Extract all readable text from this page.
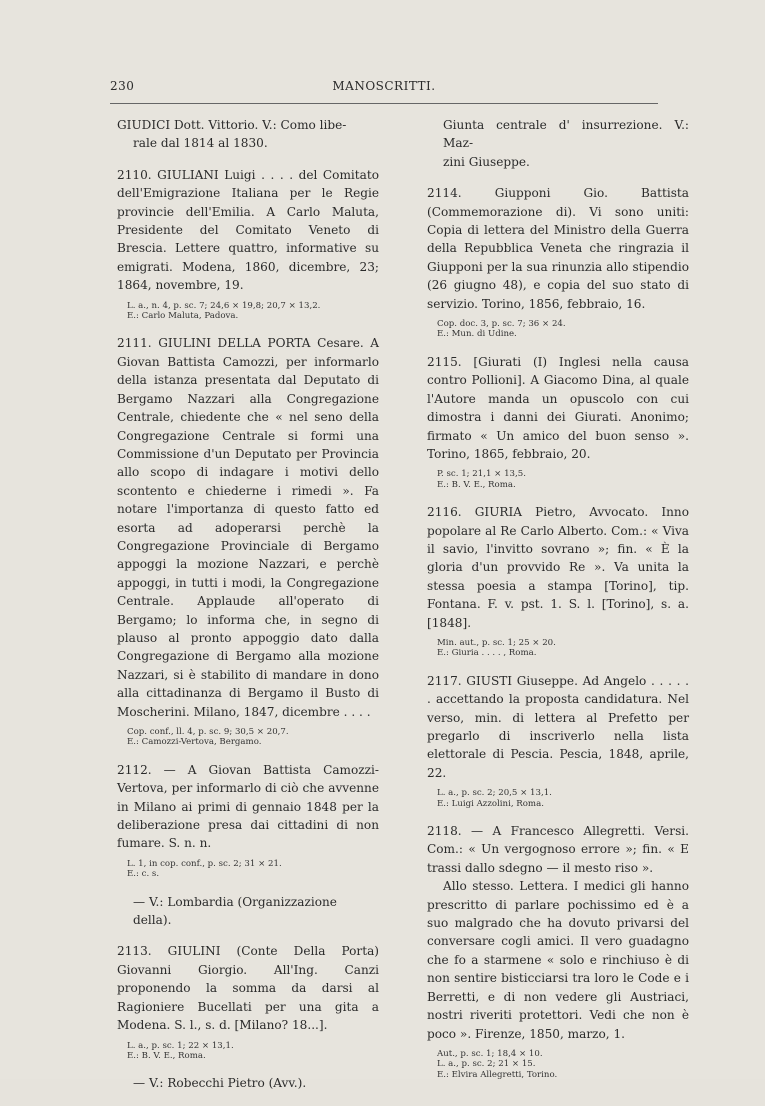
230	MANOSCRITTI.
GIUDICI Dott. Vittorio. V.: Como libe-
rale dal 1814 al 1830.
2110. GIULIANI Luigi . . . . del Comitato dell'Emigrazione Italiana per le Regie provincie dell'Emilia. A Carlo Maluta, Presidente del Comitato Veneto di Brescia. Lettere quattro, informative su emigrati. Modena, 1860, dicembre, 23; 1864, novembre, 19.
L. a., n. 4, p. sc. 7; 24,6 × 19,8; 20,7 × 13,2.
E.: Carlo Maluta, Padova.
2111. GIULINI DELLA PORTA Cesare. A Giovan Battista Camozzi, per informarlo della istanza presentata dal Deputato di Bergamo Nazzari alla Congregazione Centrale, chiedente che « nel seno della Congregazione Centrale si formi una Commissione d'un Deputato per Provincia allo scopo di indagare i motivi dello scontento e chiederne i rimedi ». Fa notare l'importanza di questo fatto ed esorta ad adoperarsi perchè la Congregazione Provinciale di Bergamo appoggi la mozione Nazzari, e perchè appoggi, in tutti i modi, la Congregazione Centrale. Applaude all'operato di Bergamo; lo informa che, in segno di plauso al pronto appoggio dato dalla Congregazione di Bergamo alla mozione Nazzari, si è stabilito di mandare in dono alla cittadinanza di Bergamo il Busto di Moscherini. Milano, 1847, dicembre . . . .
Cop. conf., ll. 4, p. sc. 9; 30,5 × 20,7.
E.: Camozzi-Vertova, Bergamo.
2112. — A Giovan Battista Camozzi-Vertova, per informarlo di ciò che avvenne in Milano ai primi di gennaio 1848 per la deliberazione presa dai cittadini di non fumare. S. n. n.
L. 1, in cop. conf., p. sc. 2; 31 × 21.
E.: c. s.
— V.: Lombardia (Organizzazione della).
2113. GIULINI (Conte Della Porta) Giovanni Giorgio. All'Ing. Canzi proponendo la somma da darsi al Ragioniere Bucellati per una gita a Modena. S. l., s. d. [Milano? 18...].
L. a., p. sc. 1; 22 × 13,1.
E.: B. V. E., Roma.
— V.: Robecchi Pietro (Avv.).
Giunta centrale d' insurrezione. V.: Maz-
zini Giuseppe.
2114. Giupponi Gio. Battista (Commemorazione di). Vi sono uniti: Copia di lettera del Ministro della Guerra della Repubblica Veneta che ringrazia il Giupponi per la sua rinunzia allo stipendio (26 giugno 48), e copia del suo stato di servizio. Torino, 1856, febbraio, 16.
Cop. doc. 3, p. sc. 7; 36 × 24.
E.: Mun. di Udine.
2115. [Giurati (I) Inglesi nella causa contro Pollioni]. A Giacomo Dina, al quale l'Autore manda un opuscolo con cui dimostra i danni dei Giurati. Anonimo; firmato « Un amico del buon senso ». Torino, 1865, febbraio, 20.
P. sc. 1; 21,1 × 13,5.
E.: B. V. E., Roma.
2116. GIURIA Pietro, Avvocato. Inno popolare al Re Carlo Alberto. Com.: « Viva il savio, l'invitto sovrano »; fin. « È la gloria d'un provvido Re ». Va unita la stessa poesia a stampa [Torino], tip. Fontana. F. v. pst. 1. S. l. [Torino], s. a. [1848].
Min. aut., p. sc. 1; 25 × 20.
E.: Giuria . . . . , Roma.
2117. GIUSTI Giuseppe. Ad Angelo . . . . . . accettando la proposta candidatura. Nel verso, min. di lettera al Prefetto per pregarlo di inscriverlo nella lista elettorale di Pescia. Pescia, 1848, aprile, 22.
L. a., p. sc. 2; 20,5 × 13,1.
E.: Luigi Azzolini, Roma.
2118. — A Francesco Allegretti. Versi. Com.: « Un vergognoso errore »; fin. « E trassi dallo sdegno — il mesto riso ».
Allo stesso. Lettera. I medici gli hanno prescritto di parlare pochissimo ed è a suo malgrado che ha dovuto privarsi del conversare cogli amici. Il vero guadagno che fo a starmene « solo e rinchiuso è di non sentire bisticciarsi tra loro le Code e i Berretti, e di non vedere gli Austriaci, nostri riveriti protettori. Vedi che non è poco ». Firenze, 1850, marzo, 1.
Aut., p. sc. 1; 18,4 × 10.
L. a., p. sc. 2; 21 × 15.
E.: Elvira Allegretti, Torino.
